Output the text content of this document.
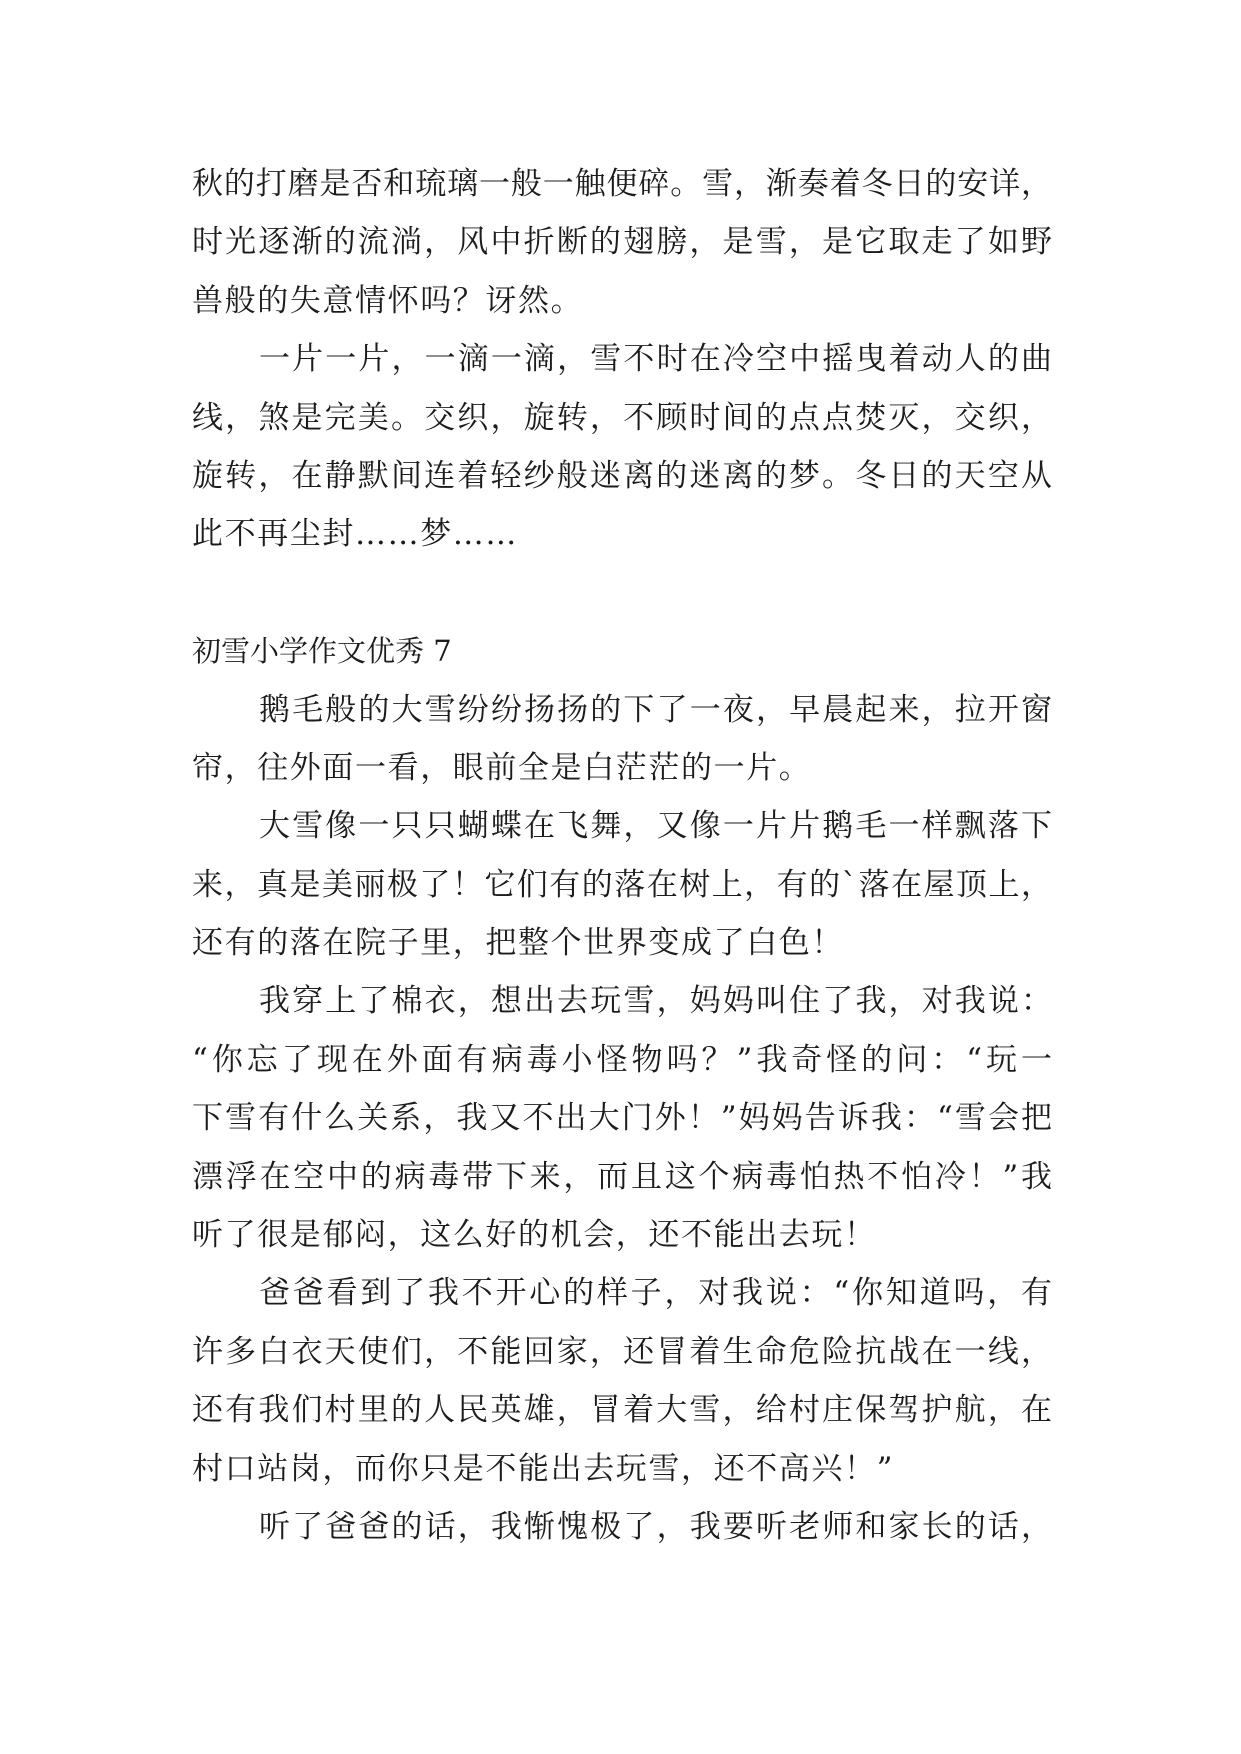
秋的打磨是否和琉璃一般一触便碎。雪，渐奏着冬日的安详，
时光逐渐的流淌，风中折断的翅膀，是雪，是它取走了如野
兽般的失意情怀吗？讶然。
一片一片，一滴一滴，雪不时在冷空中摇曳着动人的曲
线，煞是完美。交织，旋转，不顾时间的点点焚灭，交织，
旋转，在静默间连着轻纱般迷离的迷离的梦。冬日的天空从
此不再尘封……梦……
初雪小学作文优秀 7
鹅毛般的大雪纷纷扬扬的下了一夜，早晨起来，拉开窗
帘，往外面一看，眼前全是白茫茫的一片。
大雪像一只只蝴蝶在飞舞，又像一片片鹅毛一样飘落下
来，真是美丽极了！它们有的落在树上，有的`落在屋顶上，
还有的落在院子里，把整个世界变成了白色！
我穿上了棉衣，想出去玩雪，妈妈叫住了我，对我说：
“你忘了现在外面有病毒小怪物吗？”我奇怪的问：“玩一
下雪有什么关系，我又不出大门外！”妈妈告诉我：“雪会把
漂浮在空中的病毒带下来，而且这个病毒怕热不怕冷！”我
听了很是郁闷，这么好的机会，还不能出去玩！
爸爸看到了我不开心的样子，对我说：“你知道吗，有
许多白衣天使们，不能回家，还冒着生命危险抗战在一线，
还有我们村里的人民英雄，冒着大雪，给村庄保驾护航，在
村口站岗，而你只是不能出去玩雪，还不高兴！”
听了爸爸的话，我惭愧极了，我要听老师和家长的话，
